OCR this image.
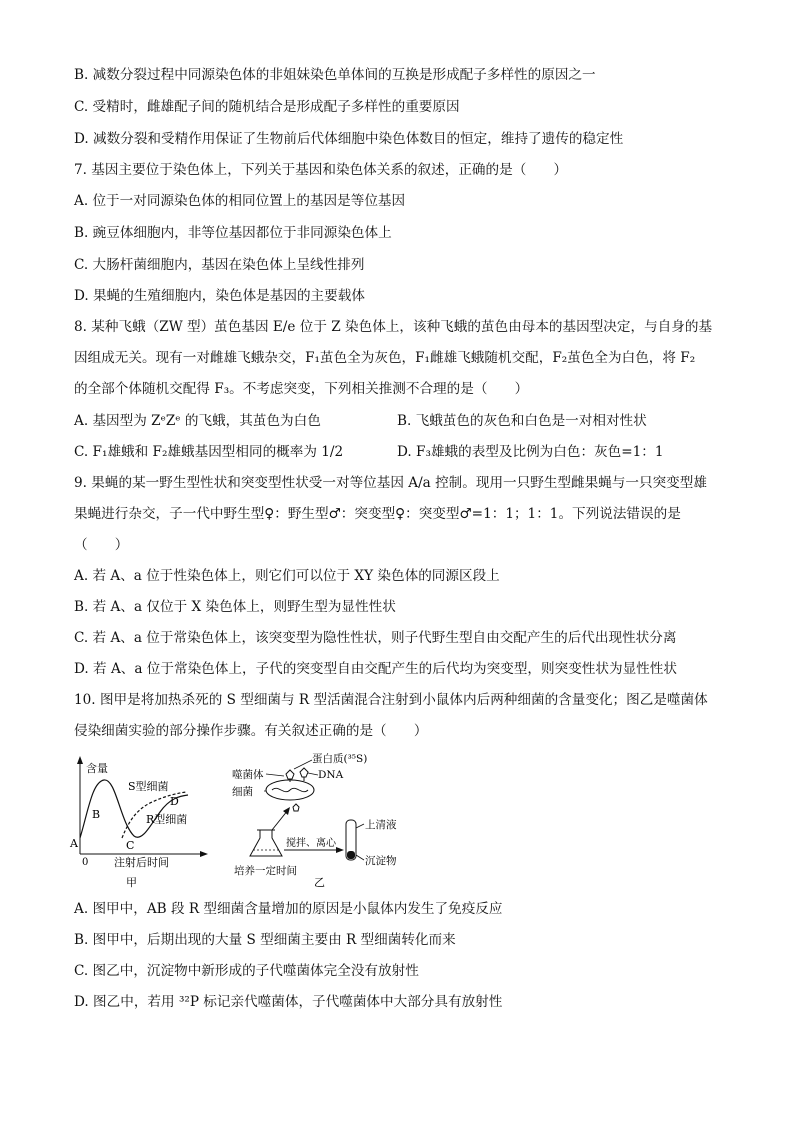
B. 减数分裂过程中同源染色体的非姐妹染色单体间的互换是形成配子多样性的原因之一
C. 受精时，雌雄配子间的随机结合是形成配子多样性的重要原因
D. 减数分裂和受精作用保证了生物前后代体细胞中染色体数目的恒定，维持了遗传的稳定性
7. 基因主要位于染色体上，下列关于基因和染色体关系的叙述，正确的是（　　）
A. 位于一对同源染色体的相同位置上的基因是等位基因
B. 豌豆体细胞内，非等位基因都位于非同源染色体上
C. 大肠杆菌细胞内，基因在染色体上呈线性排列
D. 果蝇的生殖细胞内，染色体是基因的主要载体
8. 某种飞蛾（ZW 型）茧色基因 E/e 位于 Z 染色体上，该种飞蛾的茧色由母本的基因型决定，与自身的基
因组成无关。现有一对雌雄飞蛾杂交，F₁茧色全为灰色，F₁雌雄飞蛾随机交配，F₂茧色全为白色，将 F₂
的全部个体随机交配得 F₃。不考虑突变，下列相关推测不合理的是（　　）
A. 基因型为 ZᵉZᵉ 的飞蛾，其茧色为白色	B. 飞蛾茧色的灰色和白色是一对相对性状
C. F₁雄蛾和 F₂雄蛾基因型相同的概率为 1/2	D. F₃雄蛾的表型及比例为白色：灰色=1：1
9. 果蝇的某一野生型性状和突变型性状受一对等位基因 A/a 控制。现用一只野生型雌果蝇与一只突变型雄
果蝇进行杂交，子一代中野生型♀：野生型♂：突变型♀：突变型♂=1：1；1：1。下列说法错误的是
（　　）
A. 若 A、a 位于性染色体上，则它们可以位于 XY 染色体的同源区段上
B. 若 A、a 仅位于 X 染色体上，则野生型为显性性状
C. 若 A、a 位于常染色体上，该突变型为隐性性状，则子代野生型自由交配产生的后代出现性状分离
D. 若 A、a 位于常染色体上，子代的突变型自由交配产生的后代均为突变型，则突变性状为显性性状
10. 图甲是将加热杀死的 S 型细菌与 R 型活菌混合注射到小鼠体内后两种细菌的含量变化；图乙是噬菌体
侵染细菌实验的部分操作步骤。有关叙述正确的是（　　）
含量
S型细菌
R型细菌
B
D
C
A
0 注射后时间
甲
蛋白质(³⁵S)
DNA
噬菌体
细菌
搅拌、离心
上清液
沉淀物
培养一定时间
乙
A. 图甲中，AB 段 R 型细菌含量增加的原因是小鼠体内发生了免疫反应
B. 图甲中，后期出现的大量 S 型细菌主要由 R 型细菌转化而来
C. 图乙中，沉淀物中新形成的子代噬菌体完全没有放射性
D. 图乙中，若用 ³²P 标记亲代噬菌体，子代噬菌体中大部分具有放射性
